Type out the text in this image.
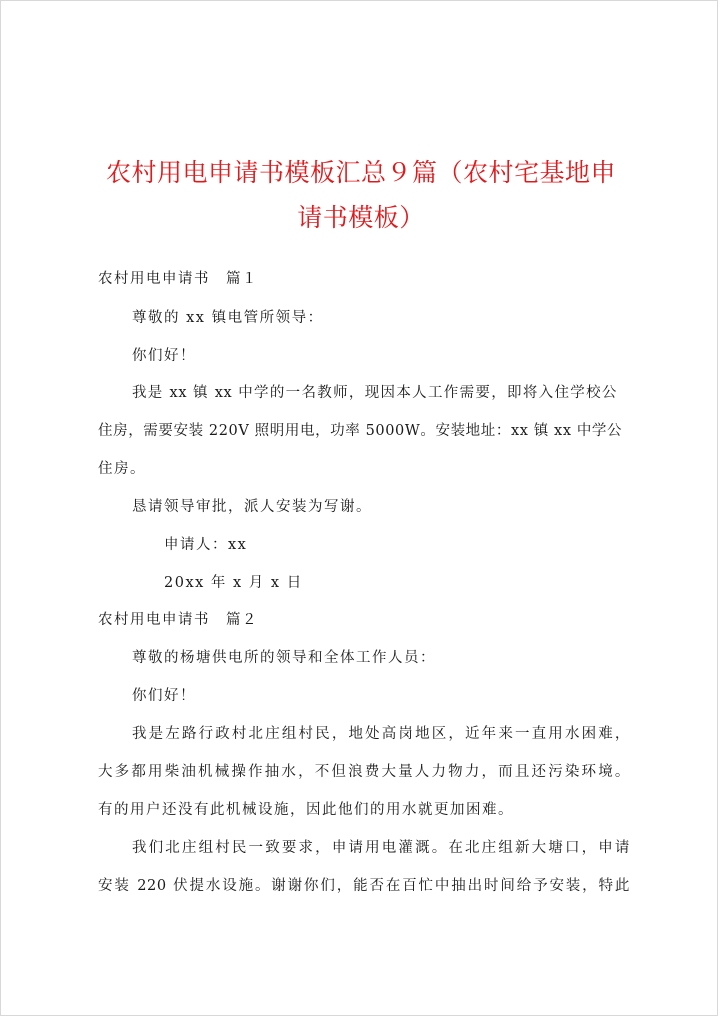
农村用电申请书模板汇总９篇（农村宅基地申
请书模板）

农村用电申请书　篇１

尊敬的 xx 镇电管所领导：

你们好！

我是 xx 镇 xx 中学的一名教师，现因本人工作需要，即将入住学校公

住房，需要安装 220V 照明用电，功率 5000W。安装地址：xx 镇 xx 中学公

住房。

恳请领导审批，派人安装为写谢。

申请人：xx

20xx 年 x 月 x 日

农村用电申请书　篇２

尊敬的杨塘供电所的领导和全体工作人员：

你们好！

我是左路行政村北庄组村民，地处高岗地区，近年来一直用水困难，

大多都用柴油机械操作抽水，不但浪费大量人力物力，而且还污染环境。

有的用户还没有此机械设施，因此他们的用水就更加困难。

我们北庄组村民一致要求，申请用电灌溉。在北庄组新大塘口，申请

安装 220 伏提水设施。谢谢你们，能否在百忙中抽出时间给予安装，特此
